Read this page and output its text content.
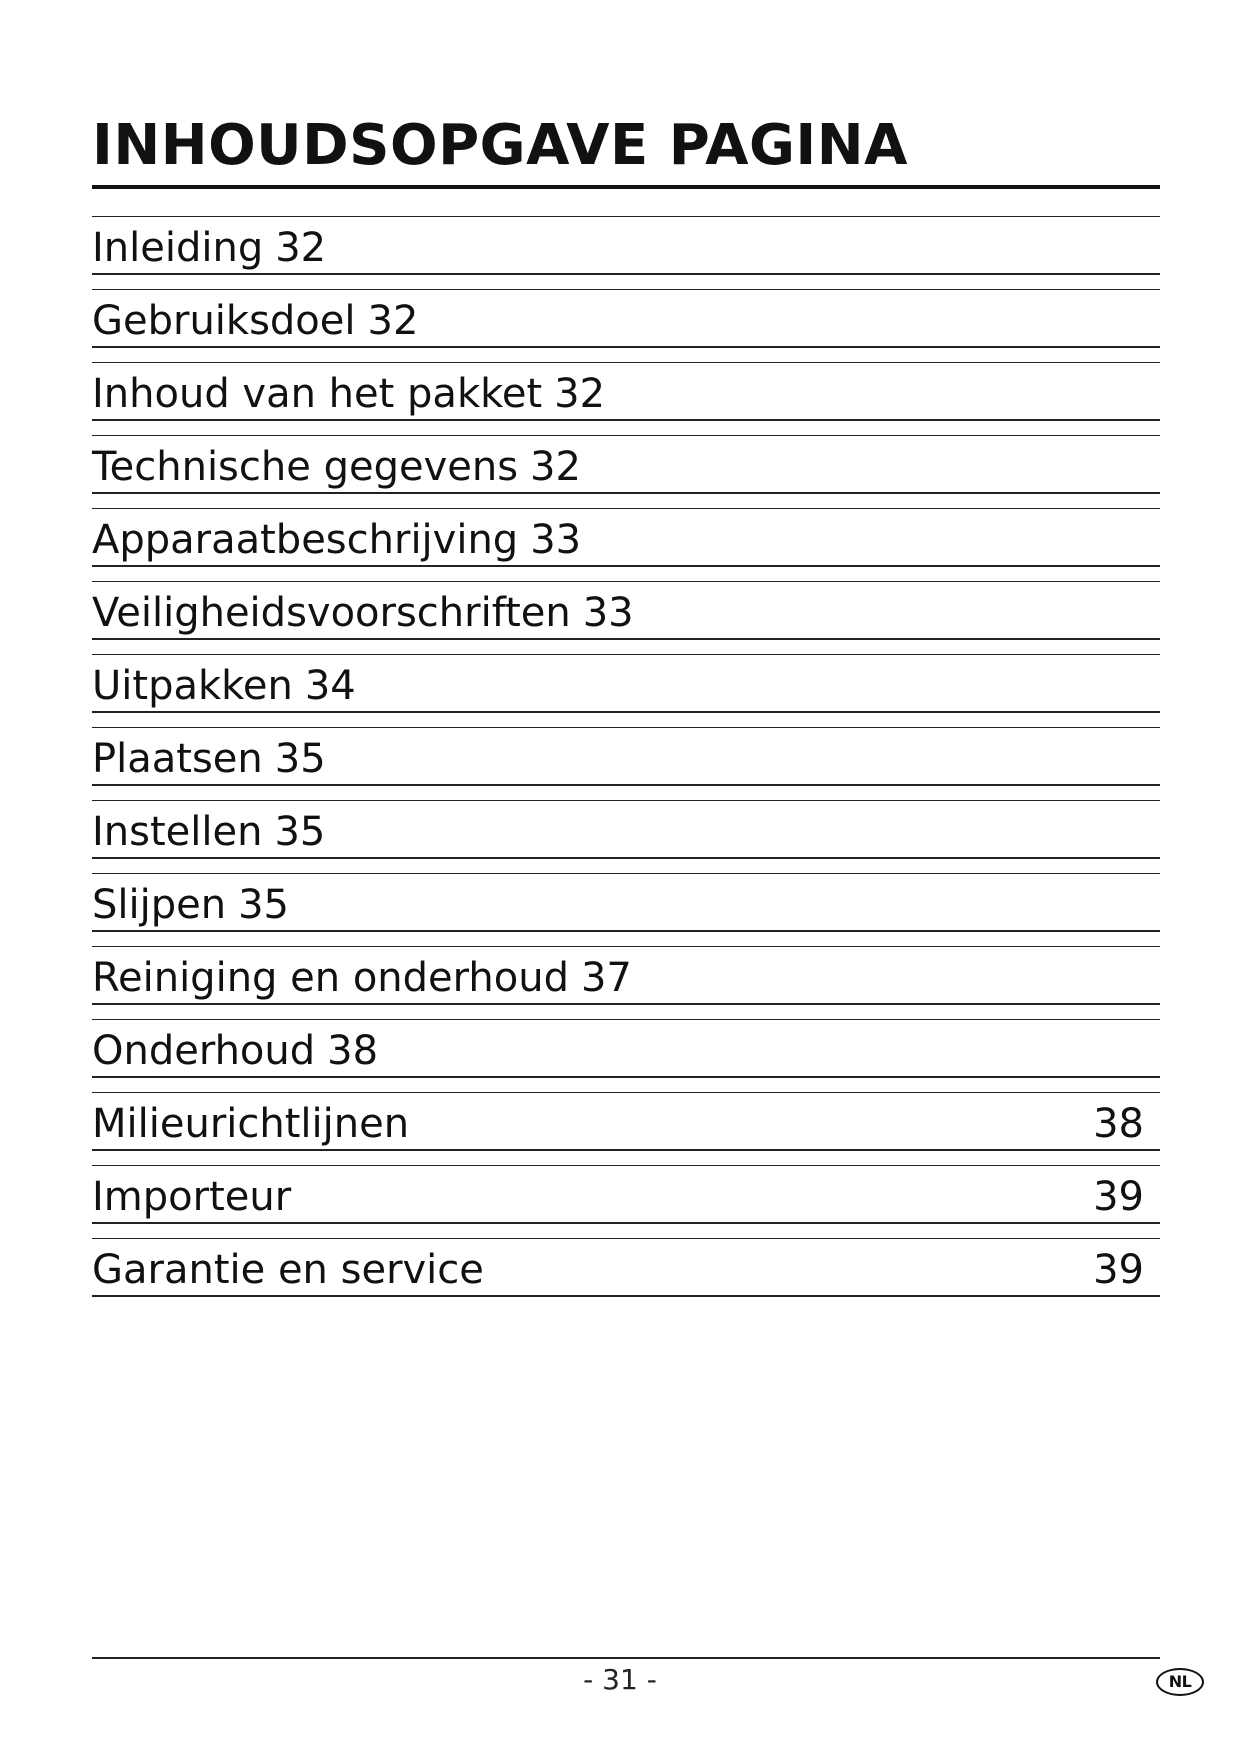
INHOUDSOPGAVE PAGINA
Inleiding 32
Gebruiksdoel 32
Inhoud van het pakket 32
Technische gegevens 32
Apparaatbeschrijving 33
Veiligheidsvoorschriften 33
Uitpakken 34
Plaatsen 35
Instellen 35
Slijpen 35
Reiniging en onderhoud 37
Onderhoud 38
Milieurichtlijnen	38
Importeur	39
Garantie en service	39
- 31 -	NL
